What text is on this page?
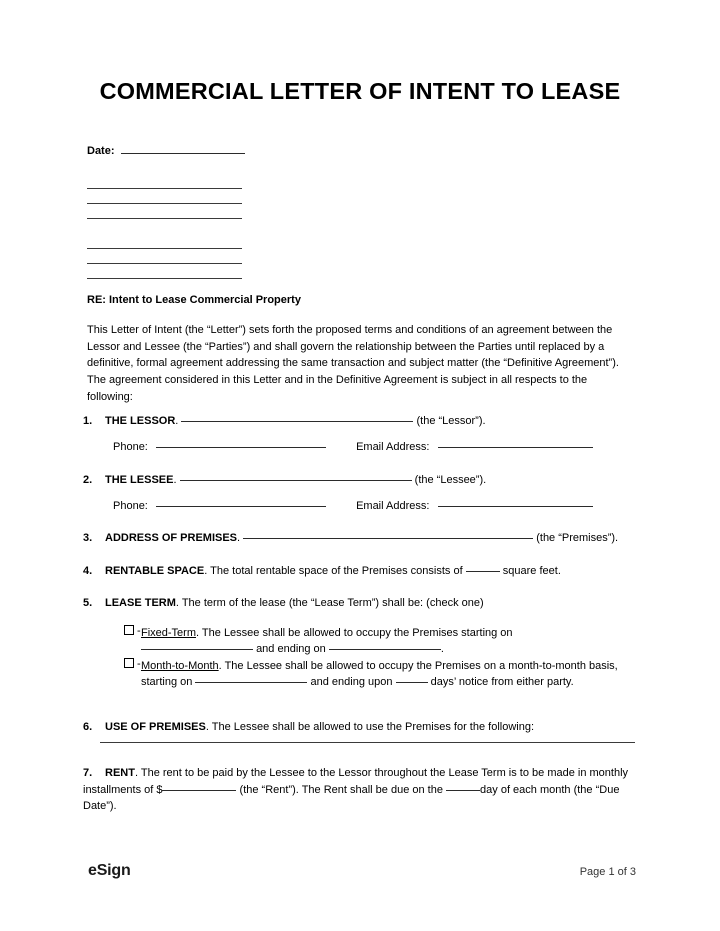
COMMERCIAL LETTER OF INTENT TO LEASE
Date:
RE: Intent to Lease Commercial Property
This Letter of Intent (the “Letter”) sets forth the proposed terms and conditions of an agreement between the Lessor and Lessee (the “Parties”) and shall govern the relationship between the Parties until replaced by a definitive, formal agreement addressing the same transaction and subject matter (the “Definitive Agreement”). The agreement considered in this Letter and in the Definitive Agreement is subject in all respects to the following:
1.	THE LESSOR.	(the “Lessor”).
Phone:	Email Address:
2.	THE LESSEE.	(the “Lessee”).
Phone:	Email Address:
3.	ADDRESS OF PREMISES.	(the “Premises”).
4.	RENTABLE SPACE. The total rentable space of the Premises consists of	square feet.
5.	LEASE TERM. The term of the lease (the “Lease Term”) shall be: (check one)
- Fixed-Term. The Lessee shall be allowed to occupy the Premises starting on  and ending on	.
- Month-to-Month. The Lessee shall be allowed to occupy the Premises on a month-to-month basis, starting on	and ending upon	days’ notice from either party.
6.	USE OF PREMISES. The Lessee shall be allowed to use the Premises for the following:
7.	RENT. The rent to be paid by the Lessee to the Lessor throughout the Lease Term is to be made in monthly installments of $	(the “Rent”). The Rent shall be due on the	day of each month (the “Due Date”).
eSign	Page 1 of 3
